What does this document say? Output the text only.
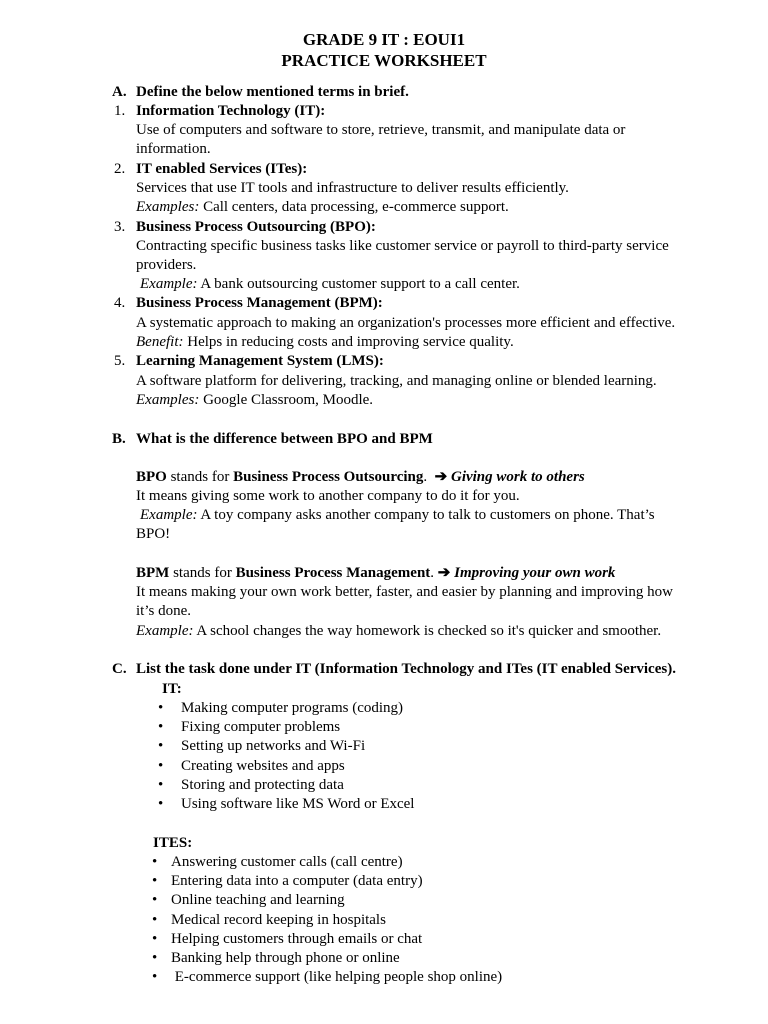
GRADE 9 IT : EOUI1
PRACTICE WORKSHEET
A. Define the below mentioned terms in brief.
1. Information Technology (IT):
Use of computers and software to store, retrieve, transmit, and manipulate data or
information.
2. IT enabled Services (ITes):
Services that use IT tools and infrastructure to deliver results efficiently.
Examples: Call centers, data processing, e-commerce support.
3. Business Process Outsourcing (BPO):
Contracting specific business tasks like customer service or payroll to third-party service
providers.
Example: A bank outsourcing customer support to a call center.
4. Business Process Management (BPM):
A systematic approach to making an organization's processes more efficient and effective.
Benefit: Helps in reducing costs and improving service quality.
5. Learning Management System (LMS):
A software platform for delivering, tracking, and managing online or blended learning.
Examples: Google Classroom, Moodle.
B. What is the difference between BPO and BPM
BPO stands for Business Process Outsourcing.  ➔ Giving work to others
It means giving some work to another company to do it for you.
Example: A toy company asks another company to talk to customers on phone. That’s
BPO!
BPM stands for Business Process Management. ➔ Improving your own work
It means making your own work better, faster, and easier by planning and improving how
it’s done.
Example: A school changes the way homework is checked so it's quicker and smoother.
C. List the task done under IT (Information Technology and ITes (IT enabled Services).
IT:
• Making computer programs (coding)
• Fixing computer problems
• Setting up networks and Wi-Fi
• Creating websites and apps
• Storing and protecting data
• Using software like MS Word or Excel
ITES:
• Answering customer calls (call centre)
• Entering data into a computer (data entry)
• Online teaching and learning
• Medical record keeping in hospitals
• Helping customers through emails or chat
• Banking help through phone or online
• E-commerce support (like helping people shop online)
